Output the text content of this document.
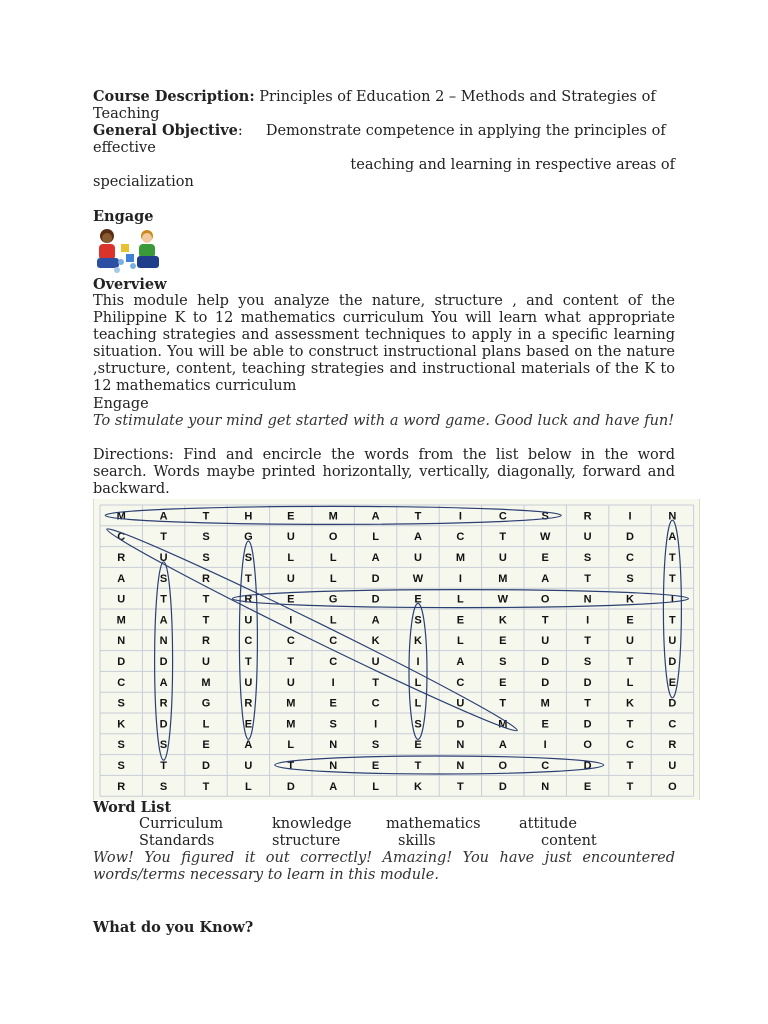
Course Description: Principles of Education 2 – Methods and Strategies of Teaching
General Objective: Demonstrate competence in applying the principles of effective
teaching and learning in respective areas of
specialization
Engage
Overview
This module help you analyze the nature, structure , and content of the Philippine K to 12 mathematics curriculum You will learn what appropriate teaching strategies and assessment techniques to apply in a specific learning situation. You will be able to construct instructional plans based on the nature ,structure, content, teaching strategies and instructional materials of the K to 12 mathematics curriculum
Engage
To stimulate your mind get started with a word game. Good luck and have fun!
Directions: Find and encircle the words from the list below in the word search. Words maybe printed horizontally, vertically, diagonally, forward and backward.
M	A	T	H	E	M	A	T	I	C	S	R	I	N
C	T	S	G	U	O	L	A	C	T	W	U	D	A
R	U	S	S	L	L	A	U	M	U	E	S	C	T
A	S	R	T	U	L	D	W	I	M	A	T	S	T
U	T	T	R	E	G	D	E	L	W	O	N	K	I
M	A	T	U	I	L	A	S	E	K	T	I	E	T
N	N	R	C	C	C	K	K	L	E	U	T	U	U
D	D	U	T	T	C	U	I	A	S	D	S	T	D
C	A	M	U	U	I	T	L	C	E	D	D	L	E
S	R	G	R	M	E	C	L	U	T	M	T	K	D
K	D	L	E	M	S	I	S	D	M	E	D	T	C
S	S	E	A	L	N	S	E	N	A	I	O	C	R
S	T	D	U	T	N	E	T	N	O	C	D	T	U
R	S	T	L	D	A	L	K	T	D	N	E	T	O
Word List
Curriculum	knowledge mathematics	attitude
Standards	structure	skills	content
Wow! You figured it out correctly! Amazing! You have just encountered words/terms necessary to learn in this module.
What do you Know?
